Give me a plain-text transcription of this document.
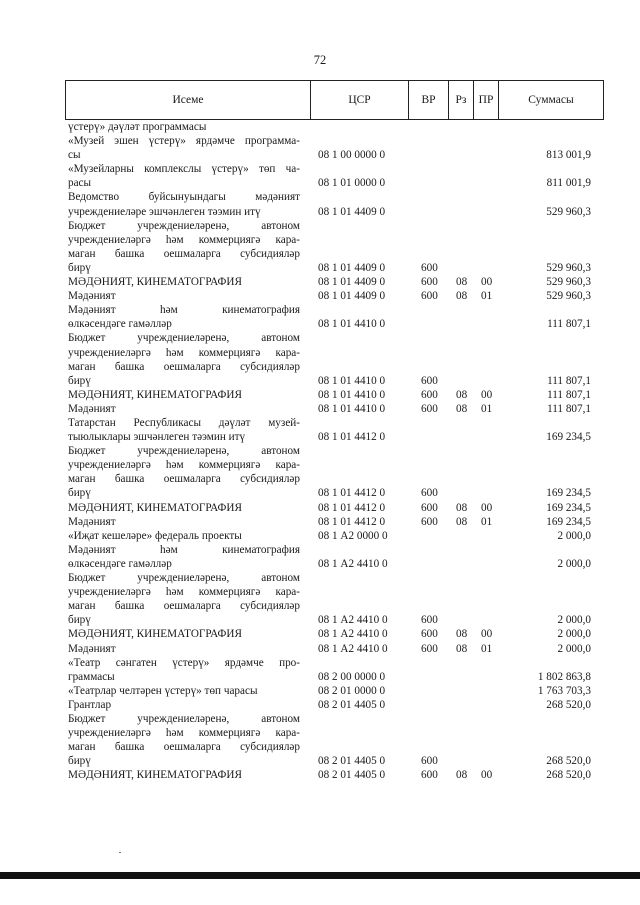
72
Исеме	ЦСР	ВР	Рз	ПР	Суммасы
үстерү» дәүләт программасы
«Музей эшен үстерү» ярдәмче программа-
сы	08 1 00 0000 0	813 001,9
«Музейларны комплекслы үстерү» төп ча-
расы	08 1 01 0000 0	811 001,9
Ведомство буйсынуындагы мәдәният
учреждениеләре эшчәнлеген тәэмин итү	08 1 01 4409 0	529 960,3
Бюджет учреждениеләренә, автоном
учреждениеләргә һәм коммерциягә кара-
маган башка оешмаларга субсидияләр
бирү	08 1 01 4409 0	600	529 960,3
МӘДӘНИЯТ, КИНЕМАТОГРАФИЯ	08 1 01 4409 0	600	08	00	529 960,3
Мәдәният	08 1 01 4409 0	600	08	01	529 960,3
Мәдәният һәм кинематография
өлкәсендәге гамәлләр	08 1 01 4410 0	111 807,1
Бюджет учреждениеләренә, автоном
учреждениеләргә һәм коммерциягә кара-
маган башка оешмаларга субсидияләр
бирү	08 1 01 4410 0	600	111 807,1
МӘДӘНИЯТ, КИНЕМАТОГРАФИЯ	08 1 01 4410 0	600	08	00	111 807,1
Мәдәният	08 1 01 4410 0	600	08	01	111 807,1
Татарстан Республикасы дәүләт музей-
тыюлыклары эшчәнлеген тәэмин итү	08 1 01 4412 0	169 234,5
Бюджет учреждениеләренә, автоном
учреждениеләргә һәм коммерциягә кара-
маган башка оешмаларга субсидияләр
бирү	08 1 01 4412 0	600	169 234,5
МӘДӘНИЯТ, КИНЕМАТОГРАФИЯ	08 1 01 4412 0	600	08	00	169 234,5
Мәдәният	08 1 01 4412 0	600	08	01	169 234,5
«Иҗат кешеләре» федераль проекты	08 1 А2 0000 0	2 000,0
Мәдәният һәм кинематография
өлкәсендәге гамәлләр	08 1 А2 4410 0	2 000,0
Бюджет учреждениеләренә, автоном
учреждениеләргә һәм коммерциягә кара-
маган башка оешмаларга субсидияләр
бирү	08 1 А2 4410 0	600	2 000,0
МӘДӘНИЯТ, КИНЕМАТОГРАФИЯ	08 1 А2 4410 0	600	08	00	2 000,0
Мәдәният	08 1 А2 4410 0	600	08	01	2 000,0
«Театр сәнгатен үстерү» ярдәмче про-
граммасы	08 2 00 0000 0	1 802 863,8
«Театрлар челтәрен үстерү» төп чарасы	08 2 01 0000 0	1 763 703,3
Грантлар	08 2 01 4405 0	268 520,0
Бюджет учреждениеләренә, автоном
учреждениеләргә һәм коммерциягә кара-
маган башка оешмаларга субсидияләр
бирү	08 2 01 4405 0	600	268 520,0
МӘДӘНИЯТ, КИНЕМАТОГРАФИЯ	08 2 01 4405 0	600	08	00	268 520,0
